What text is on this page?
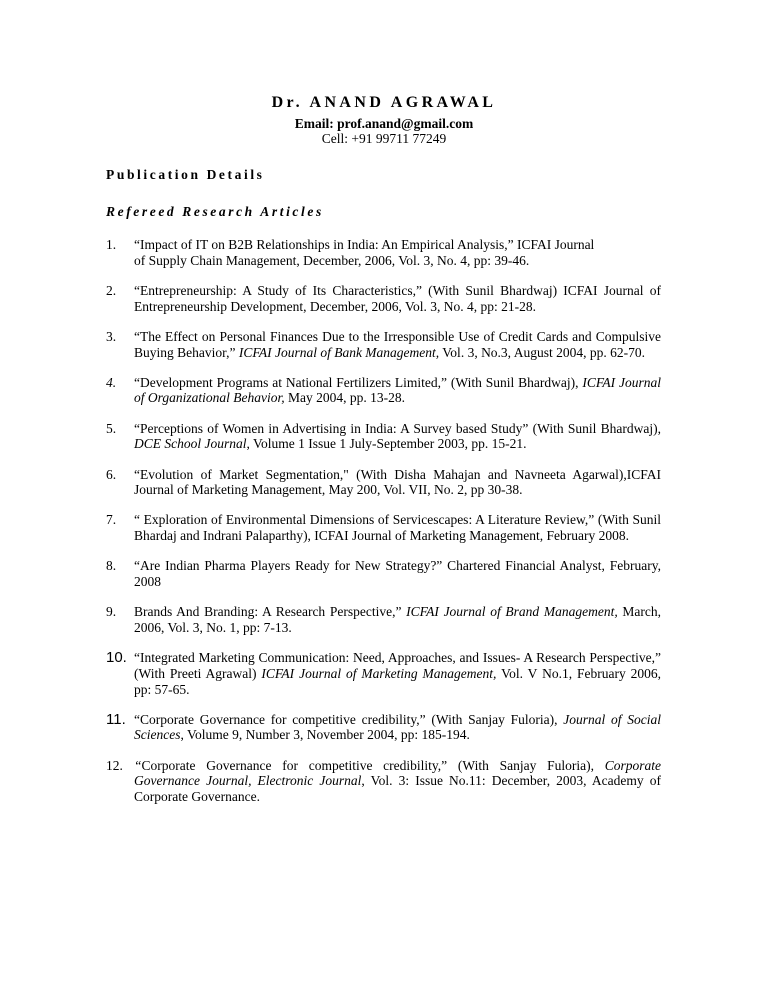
Dr. ANAND AGRAWAL
Email: prof.anand@gmail.com
Cell: +91 99711 77249
Publication Details
Refereed Research Articles
1.	“Impact of IT on B2B Relationships in India: An Empirical Analysis,” ICFAI Journal
of Supply Chain Management, December, 2006, Vol. 3, No. 4, pp: 39-46.
2.	“Entrepreneurship: A Study of Its Characteristics,” (With Sunil Bhardwaj) ICFAI Journal of Entrepreneurship Development, December, 2006, Vol. 3, No. 4, pp: 21-28.
3.	“The Effect on Personal Finances Due to the Irresponsible Use of Credit Cards and Compulsive Buying Behavior,” ICFAI Journal of Bank Management, Vol. 3, No.3, August 2004, pp. 62-70.
4.	“Development Programs at National Fertilizers Limited,” (With Sunil Bhardwaj), ICFAI Journal of Organizational Behavior, May 2004, pp. 13-28.
5.	“Perceptions of Women in Advertising in India: A Survey based Study” (With Sunil Bhardwaj), DCE School Journal, Volume 1 Issue 1 July-September 2003, pp. 15-21.
6.	“Evolution of Market Segmentation," (With Disha Mahajan and Navneeta Agarwal),ICFAI Journal of Marketing Management, May 200, Vol. VII, No. 2, pp 30-38.
7.	“ Exploration of Environmental Dimensions of Servicescapes: A Literature Review,” (With Sunil Bhardaj and Indrani Palaparthy), ICFAI Journal of Marketing Management, February 2008.
8.	“Are Indian Pharma Players Ready for New Strategy?” Chartered Financial Analyst, February, 2008
9.	Brands And Branding: A Research Perspective,” ICFAI Journal of Brand Management, March, 2006, Vol. 3, No. 1, pp: 7-13.
10. “Integrated Marketing Communication: Need, Approaches, and Issues- A Research Perspective,” (With Preeti Agrawal) ICFAI Journal of Marketing Management, Vol. V No.1, February 2006, pp: 57-65.
11. “Corporate Governance for competitive credibility,” (With Sanjay Fuloria), Journal of Social Sciences, Volume 9, Number 3, November 2004, pp: 185-194.
12. “Corporate Governance for competitive credibility,” (With Sanjay Fuloria), Corporate Governance Journal, Electronic Journal, Vol. 3: Issue No.11: December, 2003, Academy of Corporate Governance.
